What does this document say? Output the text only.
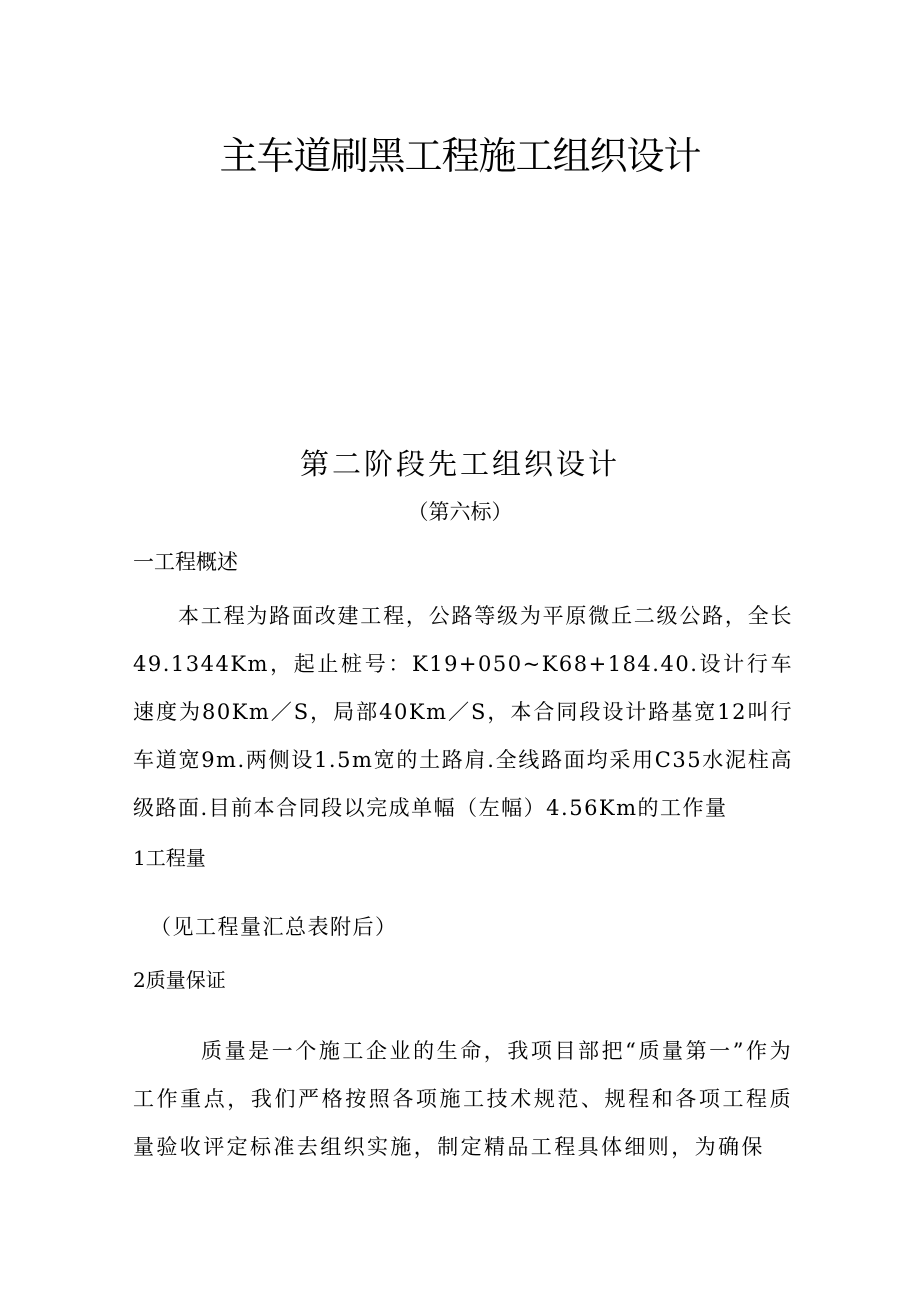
主车道刷黑工程施工组织设计
第二阶段先工组织设计

（第六标）

一工程概述

本工程为路面改建工程，公路等级为平原微丘二级公路，全长49.1344Km，起止桩号：K19+050~K68+184.40.设计行车速度为80Km／S，局部40Km／S，本合同段设计路基宽12叫行车道宽9m.两侧设1.5m宽的土路肩.全线路面均采用C35水泥柱高级路面.目前本合同段以完成单幅（左幅）4.56Km的工作量

1工程量

（见工程量汇总表附后）

2质量保证

质量是一个施工企业的生命，我项目部把“质量第一”作为工作重点，我们严格按照各项施工技术规范、规程和各项工程质量验收评定标准去组织实施，制定精品工程具体细则，为确保
